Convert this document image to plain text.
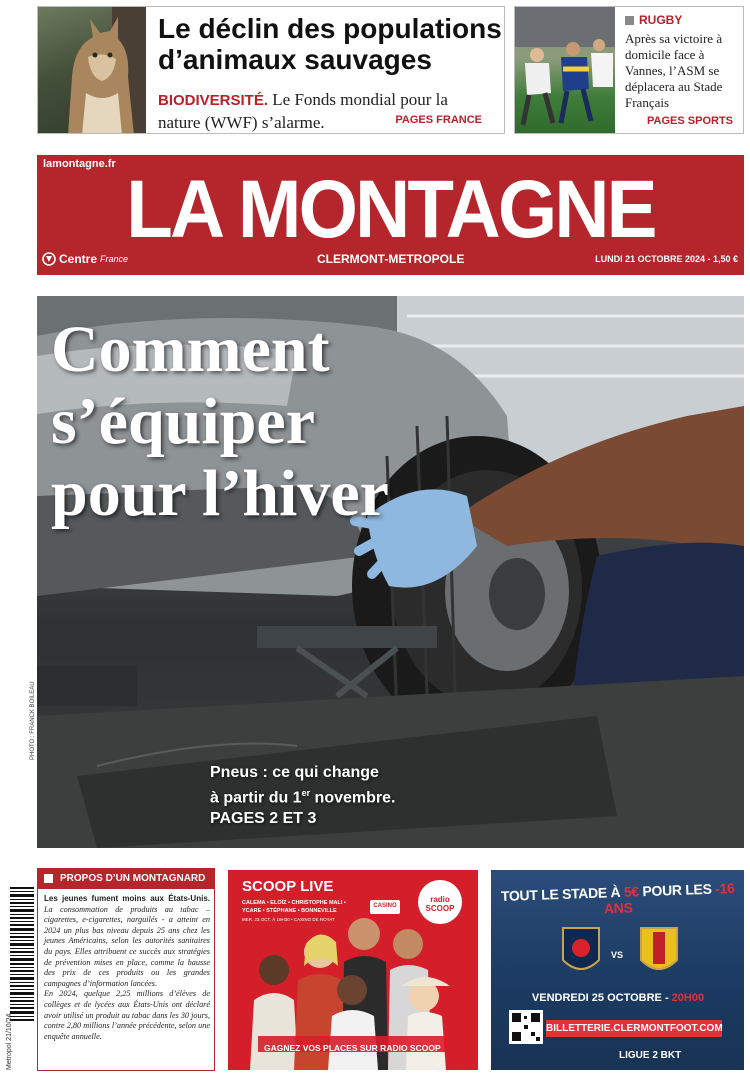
Le déclin des populations d’animaux sauvages
BIODIVERSITÉ. Le Fonds mondial pour la nature (WWF) s’alarme.	PAGES FRANCE
RUGBY
Après sa victoire à domicile face à Vannes, l’ASM se déplacera au Stade Français
PAGES SPORTS
lamontagne.fr LA MONTAGNE
Centre France	CLERMONT-METROPOLE	LUNDI 21 OCTOBRE 2024 - 1,50 €
Comment s’équiper pour l’hiver
Pneus : ce qui change
à partir du 1er novembre.
PAGES 2 ET 3
PHOTO : FRANCK BOILEAU
Metropol 21/10/24
PROPOS D’UN MONTAGNARD
Les jeunes fument moins aux États-Unis. La consommation de produits au tabac – cigarettes, e-cigarettes, narguilés - a atteint en 2024 un plus bas niveau depuis 25 ans chez les jeunes Américains, selon les autorités sanitaires du pays. Elles attribuent ce succès aux stratégies de prévention mises en place, comme la hausse des prix de ces produits ou les grandes campagnes d’information lancées.
En 2024, quelque 2,25 millions d’élèves de collèges et de lycées aux États-Unis ont déclaré avoir utilisé un produit au tabac dans les 30 jours, contre 2,80 millions l’année précédente, selon une enquête annuelle.
SCOOP LIVE
CALEMA • ELOÏZ • CHRISTOPHE MALI • YCARE • STÉPHANE • BONNEVILLE
MER. 23 OCT. À 19H30 • CASINO DE ROYAT
CASINO
radio SCOOP
GAGNEZ VOS PLACES SUR RADIO SCOOP
TOUT LE STADE À 5€ POUR LES -16 ANS
VS
VENDREDI 25 OCTOBRE - 20H00
BILLETTERIE.CLERMONTFOOT.COM
LIGUE 2 BKT
